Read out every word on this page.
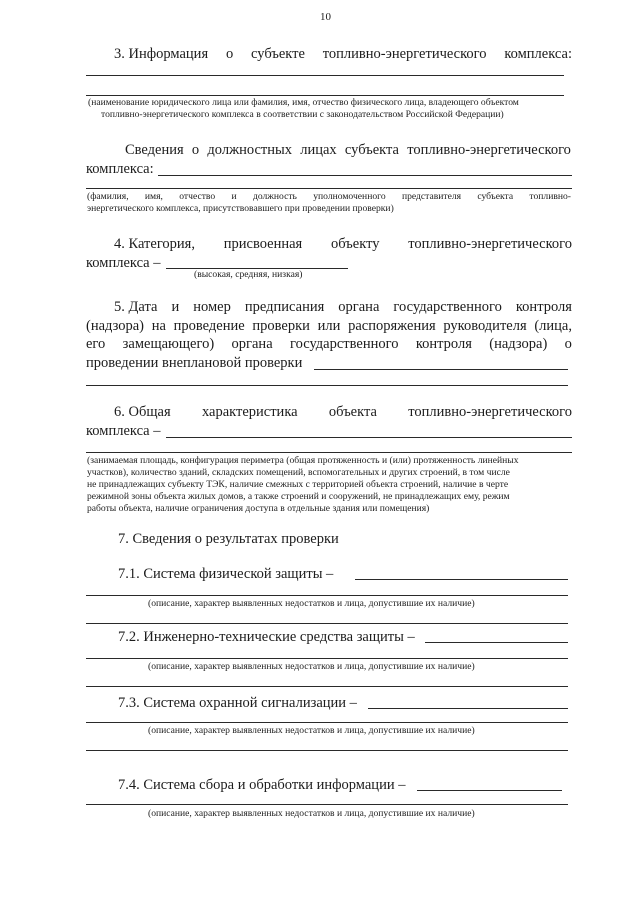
10
3. Информация о субъекте топливно-энергетического комплекса:
(наименование юридического лица или фамилия, имя, отчество физического лица, владеющего объектом
топливно-энергетического комплекса в соответствии с законодательством Российской Федерации)
Сведения о должностных лицах субъекта топливно-энергетического
комплекса:
(фамилия, имя, отчество и должность уполномоченного представителя субъекта топливно-
энергетического комплекса, присутствовавшего при проведении проверки)
4. Категория, присвоенная объекту топливно-энергетического
комплекса –
(высокая, средняя, низкая)
5. Дата и номер предписания органа государственного контроля
(надзора) на проведение проверки или распоряжения руководителя (лица,
его замещающего) органа государственного контроля (надзора) о
проведении внеплановой проверки
6. Общая характеристика объекта топливно-энергетического
комплекса –
(занимаемая площадь, конфигурация периметра (общая протяженность и (или) протяженность линейных
участков), количество зданий, складских помещений, вспомогательных и других строений, в том числе
не принадлежащих субъекту ТЭК, наличие смежных с территорией объекта строений, наличие в черте
режимной зоны объекта жилых домов, а также строений и сооружений, не принадлежащих ему, режим
работы объекта, наличие ограничения доступа в отдельные здания или помещения)
7. Сведения о результатах проверки
7.1. Система физической защиты –
(описание, характер выявленных недостатков и лица, допустившие их наличие)
7.2. Инженерно-технические средства защиты –
(описание, характер выявленных недостатков и лица, допустившие их наличие)
7.3. Система охранной сигнализации –
(описание, характер выявленных недостатков и лица, допустившие их наличие)
7.4. Система сбора и обработки информации –
(описание, характер выявленных недостатков и лица, допустившие их наличие)
